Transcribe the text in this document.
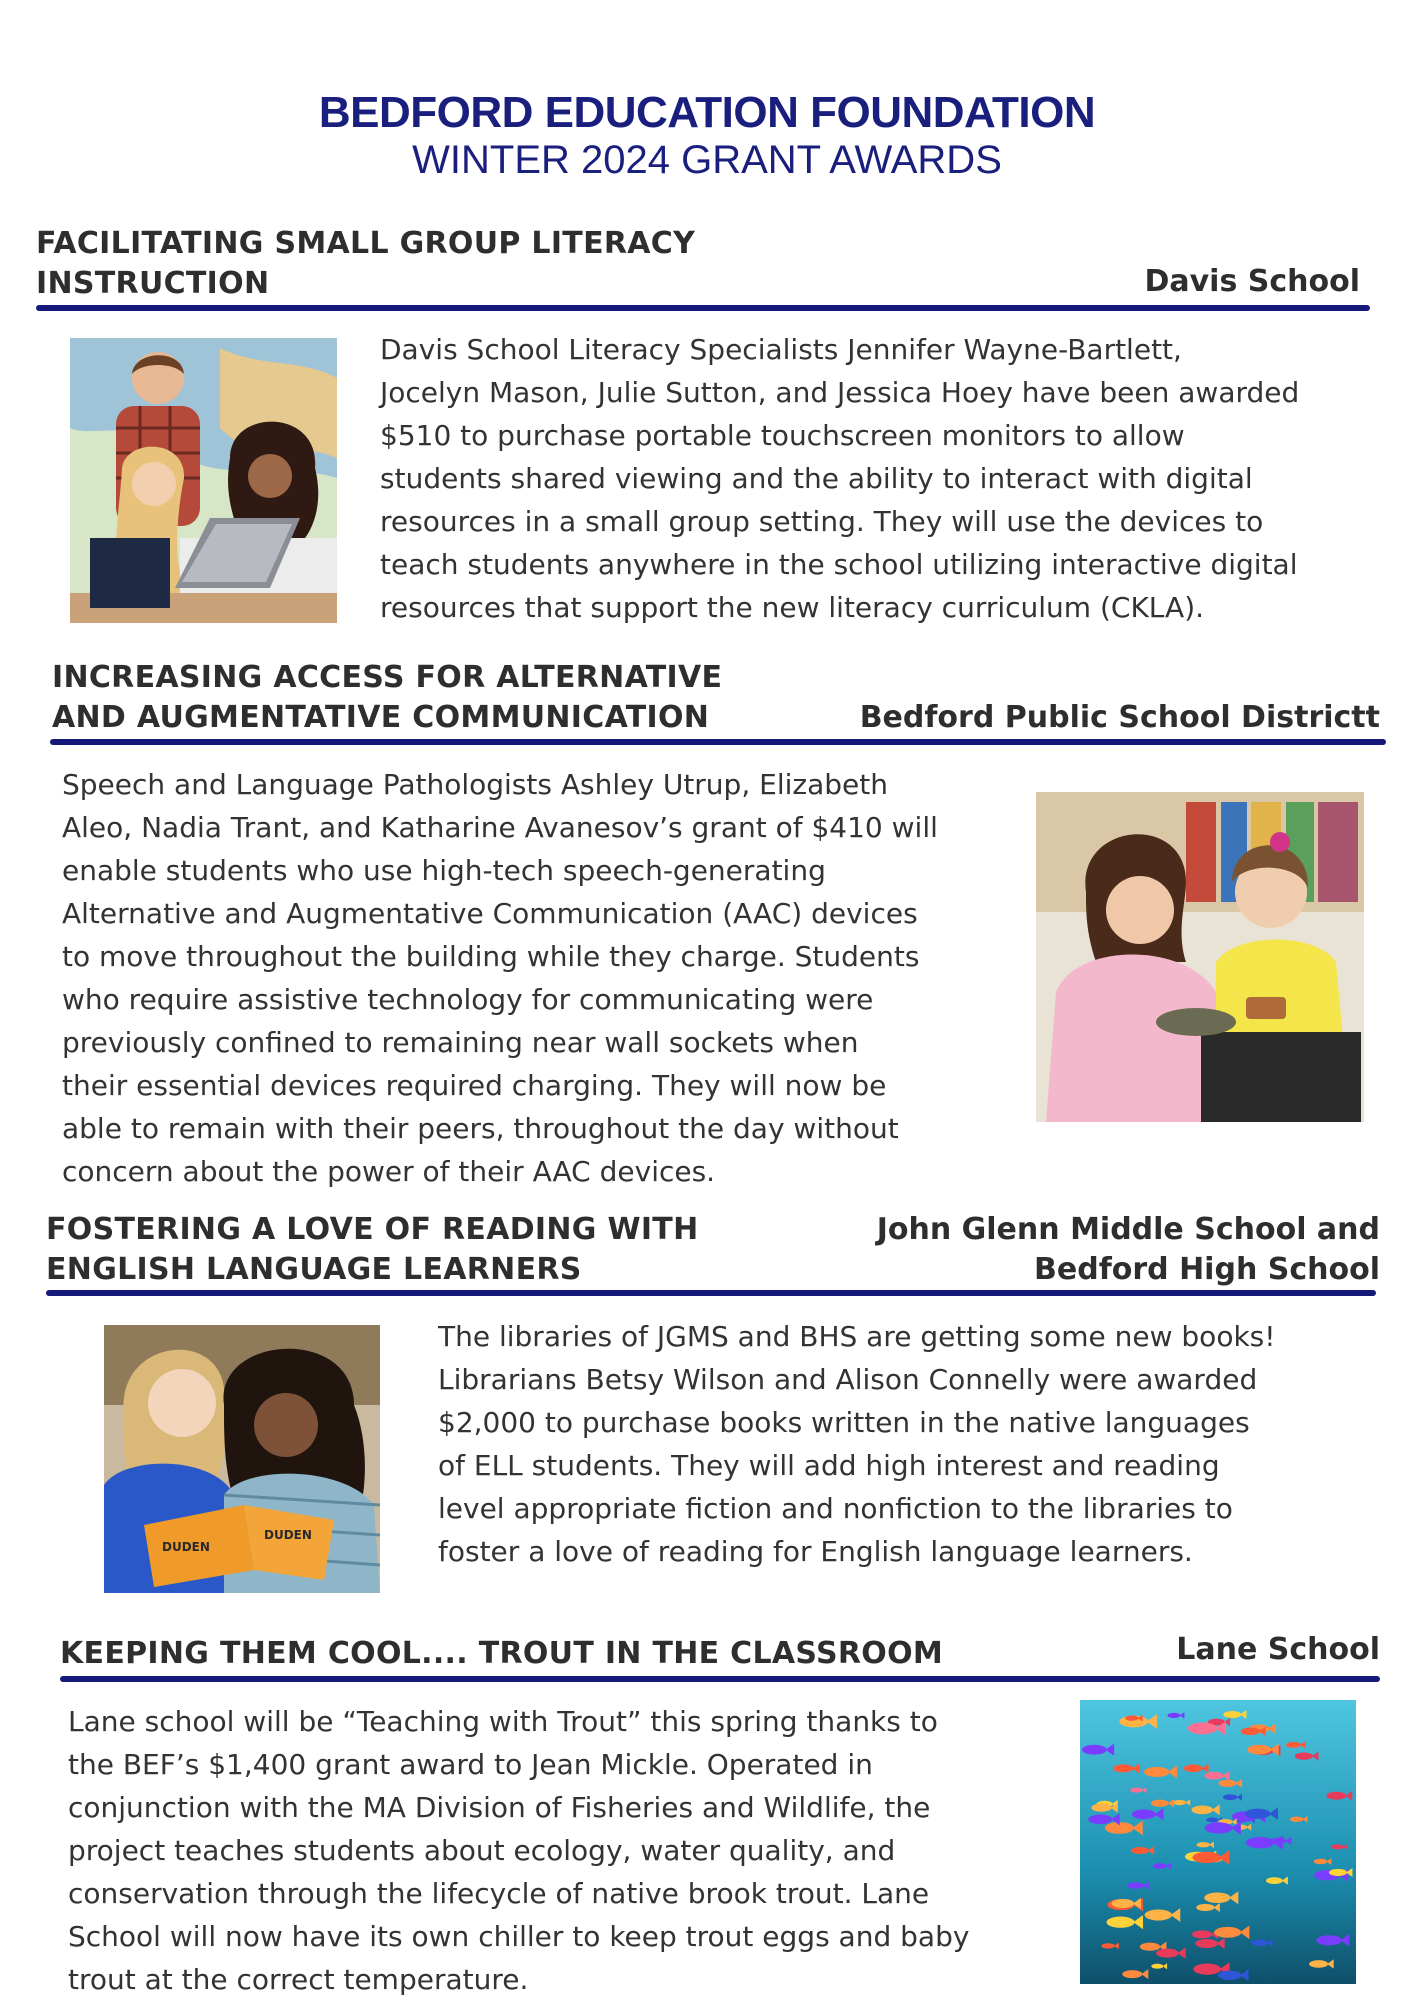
BEDFORD EDUCATION FOUNDATION
WINTER 2024 GRANT AWARDS
FACILITATING SMALL GROUP LITERACY
INSTRUCTION	Davis School
Davis School Literacy Specialists Jennifer Wayne-Bartlett,
Jocelyn Mason, Julie Sutton, and Jessica Hoey have been awarded
$510 to purchase portable touchscreen monitors to allow
students shared viewing and the ability to interact with digital
resources in a small group setting. They will use the devices to
teach students anywhere in the school utilizing interactive digital
resources that support the new literacy curriculum (CKLA).
INCREASING ACCESS FOR ALTERNATIVE
AND AUGMENTATIVE COMMUNICATION	Bedford Public School Districtt
Speech and Language Pathologists Ashley Utrup, Elizabeth
Aleo, Nadia Trant, and Katharine Avanesov’s grant of $410 will
enable students who use high-tech speech-generating
Alternative and Augmentative Communication (AAC) devices
to move throughout the building while they charge. Students
who require assistive technology for communicating were
previously confined to remaining near wall sockets when
their essential devices required charging. They will now be
able to remain with their peers, throughout the day without
concern about the power of their AAC devices.
FOSTERING A LOVE OF READING WITH
ENGLISH LANGUAGE LEARNERS
John Glenn Middle School and
Bedford High School
DUDEN
DUDEN
The libraries of JGMS and BHS are getting some new books!
Librarians Betsy Wilson and Alison Connelly were awarded
$2,000 to purchase books written in the native languages
of ELL students. They will add high interest and reading
level appropriate fiction and nonfiction to the libraries to
foster a love of reading for English language learners.
KEEPING THEM COOL.... TROUT IN THE CLASSROOM	Lane School
Lane school will be “Teaching with Trout” this spring thanks to
the BEF’s $1,400 grant award to Jean Mickle. Operated in
conjunction with the MA Division of Fisheries and Wildlife, the
project teaches students about ecology, water quality, and
conservation through the lifecycle of native brook trout. Lane
School will now have its own chiller to keep trout eggs and baby
trout at the correct temperature.
